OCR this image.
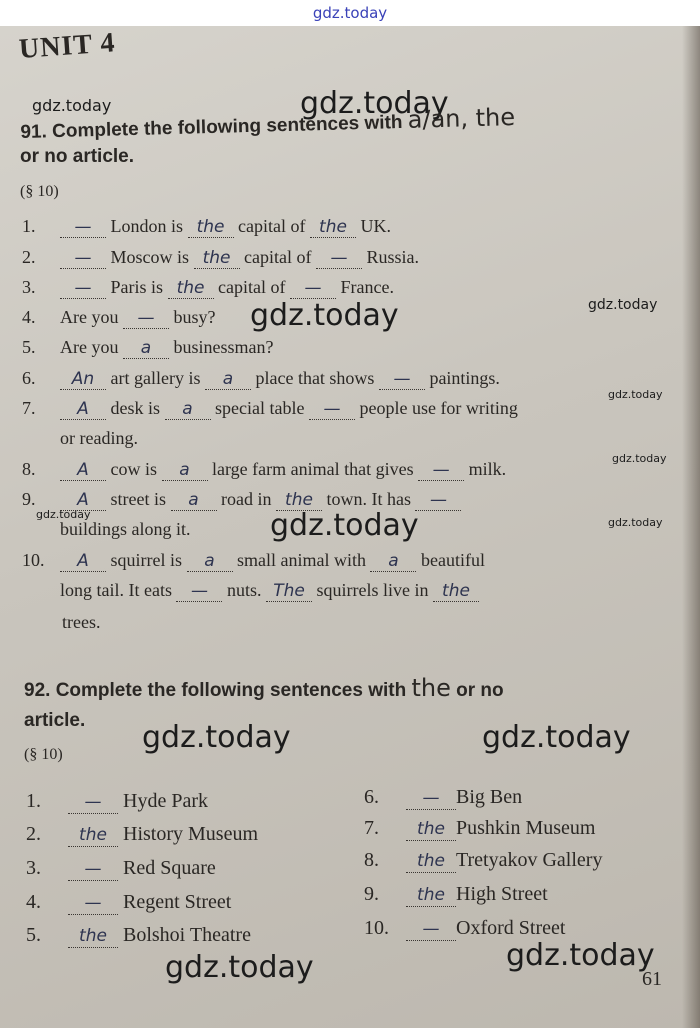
gdz.today
UNIT 4
gdz.today	gdz.today
gdz.today
gdz.today
gdz.today
gdz.today
gdz.today	gdz.today	gdz.today
gdz.today	gdz.today
gdz.today	gdz.today
91. Complete the following sentences with a/an, the
or no article.
(§ 10)
1. — London is the capital of the UK.
2. — Moscow is the capital of — Russia.
3. — Paris is the capital of — France.
4. Are you — busy?
5. Are you a businessman?
6. An art gallery is a place that shows — paintings.
7. A desk is a special table — people use for writing
or reading.
8. A cow is a large farm animal that gives — milk.
9. A street is a road in the town. It has —
buildings along it.
10. A squirrel is a small animal with a beautiful
long tail. It eats — nuts. The squirrels live in the
trees.
92. Complete the following sentences with the or no
article.
(§ 10)
1.	— Hyde Park
2. the History Museum
3.	— Red Square
4.	— Regent Street
5. the Bolshoi Theatre
6.	— Big Ben
7. the Pushkin Museum
8. the Tretyakov Gallery
9. the High Street
10. — Oxford Street
61
